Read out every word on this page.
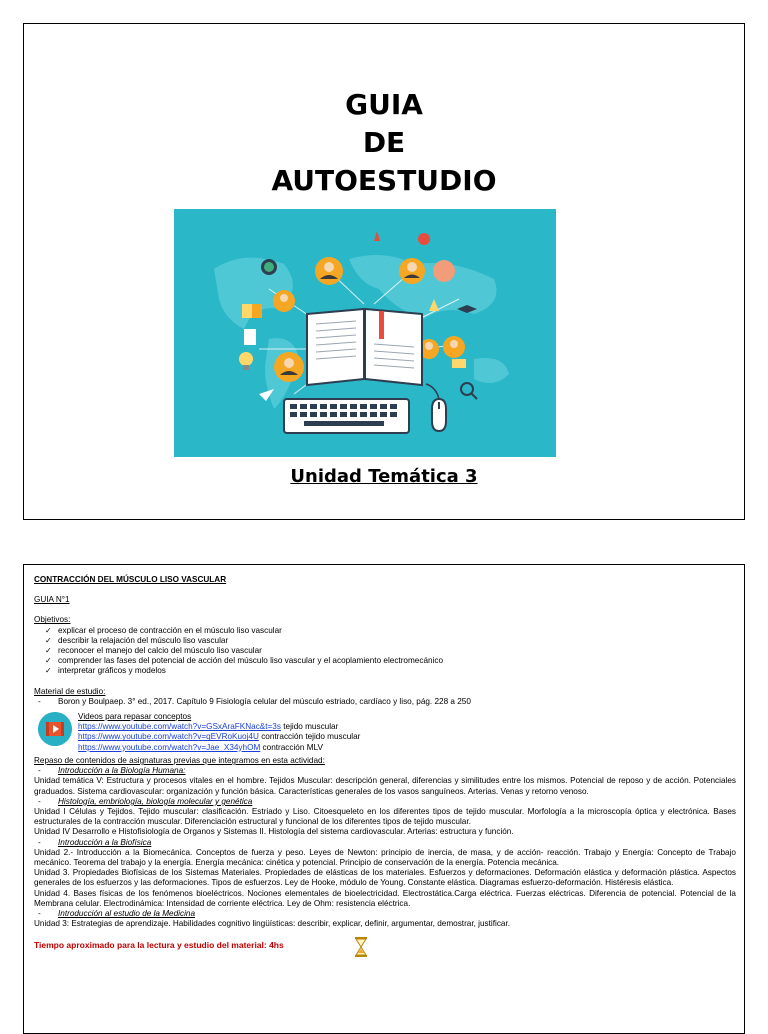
GUIA
DE
AUTOESTUDIO
Unidad Temática 3
CONTRACCIÓN DEL MÚSCULO LISO VASCULAR
GUIA N°1
Objetivos:
✓ explicar el proceso de contracción en el músculo liso vascular
✓ describir la relajación del músculo liso vascular
✓ reconocer el manejo del calcio del músculo liso vascular
✓ comprender las fases del potencial de acción del músculo liso vascular y el acoplamiento electromecánico
✓ interpretar gráficos y modelos
Material de estudio:
- Boron y Boulpaep. 3° ed., 2017. Capítulo 9 Fisiología celular del músculo estriado, cardíaco y liso, pág. 228 a 250
Videos para repasar conceptos
https://www.youtube.com/watch?v=GSxAraFKNac&t=3s tejido muscular
https://www.youtube.com/watch?v=qEVRoKuoj4U contracción tejido muscular
https://www.youtube.com/watch?v=Jae_X34yhOM contracción MLV
Repaso de contenidos de asignaturas previas que integramos en esta actividad:
- Introducción a la Biología Humana:
Unidad temática V: Estructura y procesos vitales en el hombre. Tejidos Muscular: descripción general, diferencias y similitudes entre los mismos. Potencial de reposo y de acción. Potenciales graduados. Sistema cardiovascular: organización y función básica. Características generales de los vasos sanguíneos. Arterias. Venas y retorno venoso.
- Histología, embriología, biología molecular y genética
Unidad I Células y Tejidos. Tejido muscular: clasificación. Estriado y Liso. Citoesqueleto en los diferentes tipos de tejido muscular. Morfología a la microscopía óptica y electrónica. Bases estructurales de la contracción muscular. Diferenciación estructural y funcional de los diferentes tipos de tejido muscular.
Unidad IV Desarrollo e Histofisiología de Organos y Sistemas II. Histología del sistema cardiovascular. Arterias: estructura y función.
- Introducción a la Biofísica
Unidad 2.- Introducción a la Biomecánica. Conceptos de fuerza y peso. Leyes de Newton: principio de inercia, de masa, y de acción- reacción. Trabajo y Energía: Concepto de Trabajo mecánico. Teorema del trabajo y la energía. Energía mecánica: cinética y potencial. Principio de conservación de la energía. Potencia mecánica.
Unidad 3. Propiedades Biofísicas de los Sistemas Materiales. Propiedades de elásticas de los materiales. Esfuerzos y deformaciones. Deformación elástica y deformación plástica. Aspectos generales de los esfuerzos y las deformaciones. Tipos de esfuerzos. Ley de Hooke, módulo de Young. Constante elástica. Diagramas esfuerzo-deformación. Histéresis elástica.
Unidad 4. Bases físicas de los fenómenos bioeléctricos. Nociones elementales de bioelectricidad. Electrostática.Carga eléctrica. Fuerzas eléctricas. Diferencia de potencial. Potencial de la Membrana celular. Electrodinámica: Intensidad de corriente eléctrica. Ley de Ohm: resistencia eléctrica.
- Introducción al estudio de la Medicina
Unidad 3: Estrategias de aprendizaje. Habilidades cognitivo lingüísticas: describir, explicar, definir, argumentar, demostrar, justificar.
Tiempo aproximado para la lectura y estudio del material: 4hs
